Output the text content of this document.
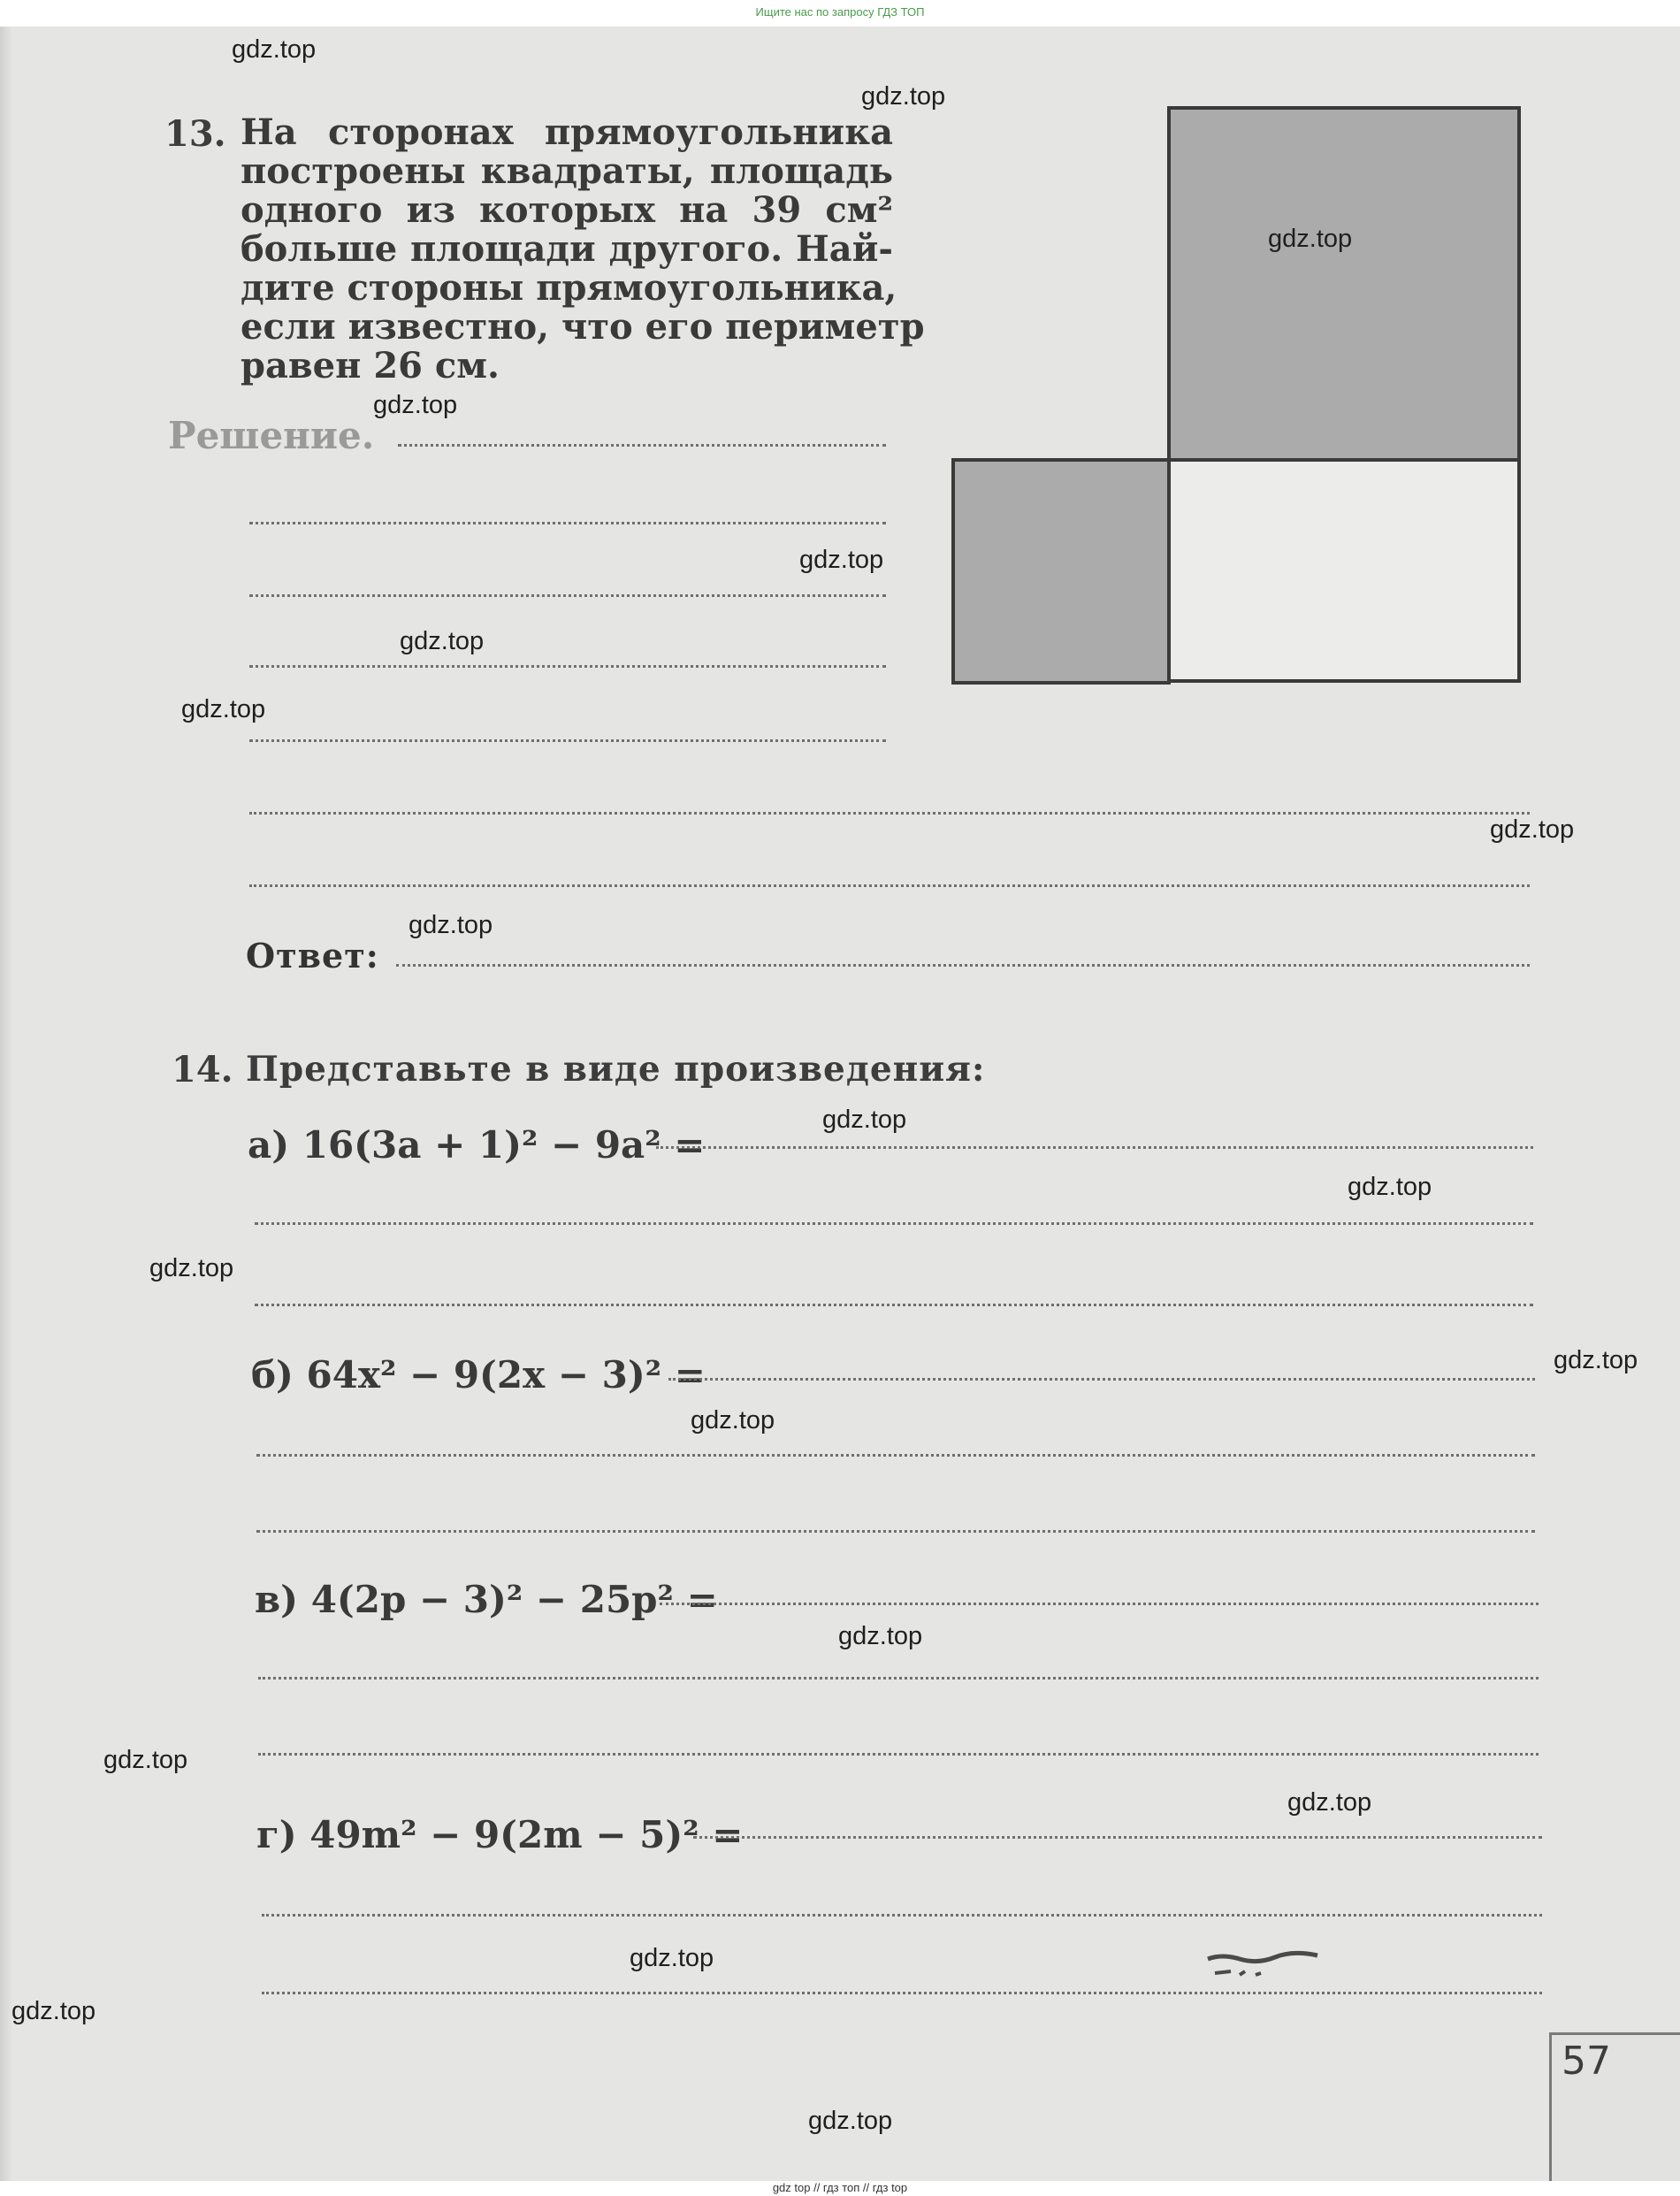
Ищите нас по запросу ГДЗ ТОП
13. На сторонах прямоугольника
построены квадраты, площадь
одного из которых на 39 см²
больше площади другого. Най-
дите стороны прямоугольника,
если известно, что его периметр
равен 26 см.
Решение.
Ответ:
14. Представьте в виде произведения:
а) 16(3a + 1)² − 9a² =
б) 64x² − 9(2x − 3)² =
в) 4(2p − 3)² − 25p² =
г) 49m² − 9(2m − 5)² =
57
gdz.top
gdz.top
gdz.top
gdz.top
gdz.top
gdz.top
gdz.top
gdz.top
gdz.top
gdz.top
gdz.top
gdz.top
gdz.top
gdz.top
gdz.top
gdz.top
gdz.top
gdz.top
gdz.top
gdz.top
gdz top // гдз топ // гдз top
